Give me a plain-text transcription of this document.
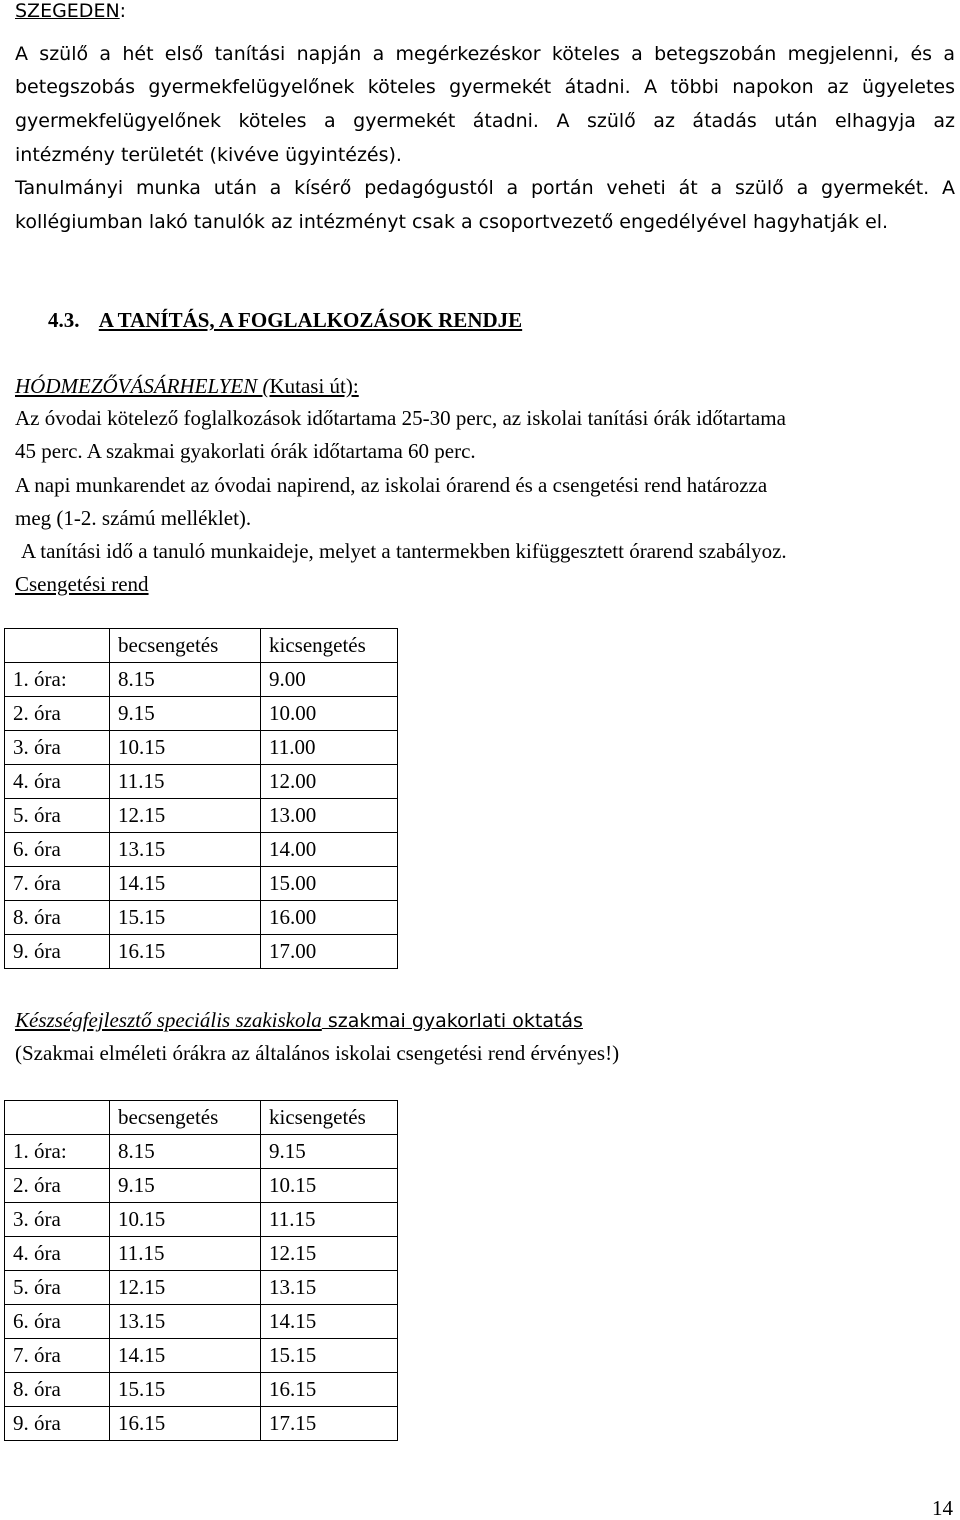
SZEGEDEN:
A szülő a hét első tanítási napján a megérkezéskor köteles a betegszobán megjelenni, és a
betegszobás gyermekfelügyelőnek köteles gyermekét átadni. A többi napokon az ügyeletes
gyermekfelügyelőnek köteles a gyermekét átadni. A szülő az átadás után elhagyja az
intézmény területét (kivéve ügyintézés).
Tanulmányi munka után a kísérő pedagógustól a portán veheti át a szülő a gyermekét. A
kollégiumban lakó tanulók az intézményt csak a csoportvezető engedélyével hagyhatják el.
4.3. A TANÍTÁS, A FOGLALKOZÁSOK RENDJE
HÓDMEZŐVÁSÁRHELYEN (Kutasi út):
Az óvodai kötelező foglalkozások időtartama 25-30 perc, az iskolai tanítási órák időtartama
45 perc. A szakmai gyakorlati órák időtartama 60 perc.
A napi munkarendet az óvodai napirend, az iskolai órarend és a csengetési rend határozza
meg (1-2. számú melléklet).
A tanítási idő a tanuló munkaideje, melyet a tantermekben kifüggesztett órarend szabályoz.
Csengetési rend
	becsengetés	kicsengetés
1. óra:	8.15	9.00
2. óra	9.15	10.00
3. óra	10.15	11.00
4. óra	11.15	12.00
5. óra	12.15	13.00
6. óra	13.15	14.00
7. óra	14.15	15.00
8. óra	15.15	16.00
9. óra	16.15	17.00
Készségfejlesztő speciális szakiskola szakmai gyakorlati oktatás
(Szakmai elméleti órákra az általános iskolai csengetési rend érvényes!)
	becsengetés	kicsengetés
1. óra:	8.15	9.15
2. óra	9.15	10.15
3. óra	10.15	11.15
4. óra	11.15	12.15
5. óra	12.15	13.15
6. óra	13.15	14.15
7. óra	14.15	15.15
8. óra	15.15	16.15
9. óra	16.15	17.15
14
